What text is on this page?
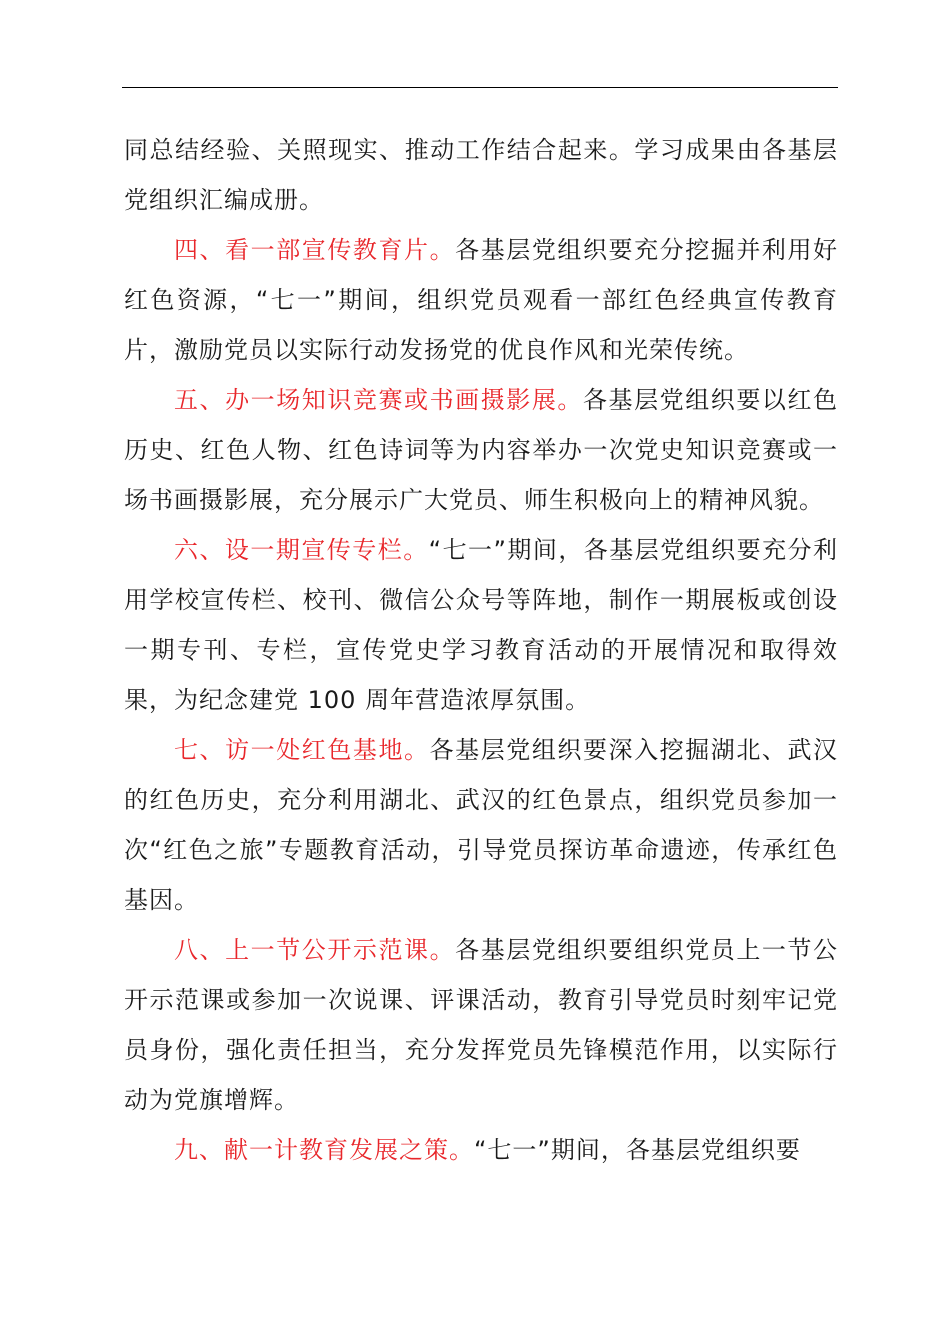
同总结经验、关照现实、推动工作结合起来。学习成果由各基层党组织汇编成册。

四、看一部宣传教育片。各基层党组织要充分挖掘并利用好红色资源，“七一”期间，组织党员观看一部红色经典宣传教育片，激励党员以实际行动发扬党的优良作风和光荣传统。

五、办一场知识竞赛或书画摄影展。各基层党组织要以红色历史、红色人物、红色诗词等为内容举办一次党史知识竞赛或一场书画摄影展，充分展示广大党员、师生积极向上的精神风貌。

六、设一期宣传专栏。“七一”期间，各基层党组织要充分利用学校宣传栏、校刊、微信公众号等阵地，制作一期展板或创设一期专刊、专栏，宣传党史学习教育活动的开展情况和取得效果，为纪念建党 100 周年营造浓厚氛围。

七、访一处红色基地。各基层党组织要深入挖掘湖北、武汉的红色历史，充分利用湖北、武汉的红色景点，组织党员参加一次“红色之旅”专题教育活动，引导党员探访革命遗迹，传承红色基因。

八、上一节公开示范课。各基层党组织要组织党员上一节公开示范课或参加一次说课、评课活动，教育引导党员时刻牢记党员身份，强化责任担当，充分发挥党员先锋模范作用，以实际行动为党旗增辉。

九、献一计教育发展之策。“七一”期间，各基层党组织要
